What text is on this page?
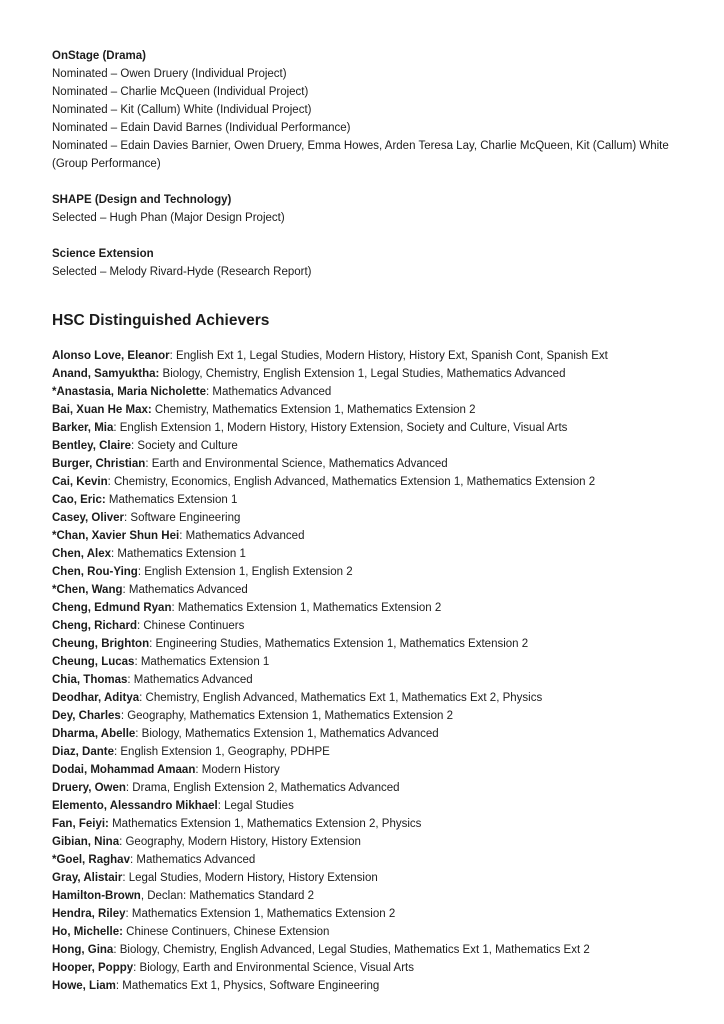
OnStage (Drama)
Nominated – Owen Druery (Individual Project)
Nominated – Charlie McQueen (Individual Project)
Nominated – Kit (Callum) White (Individual Project)
Nominated – Edain David Barnes (Individual Performance)
Nominated – Edain Davies Barnier, Owen Druery, Emma Howes, Arden Teresa Lay, Charlie McQueen, Kit (Callum) White (Group Performance)
SHAPE (Design and Technology)
Selected – Hugh Phan (Major Design Project)
Science Extension
Selected – Melody Rivard-Hyde (Research Report)
HSC Distinguished Achievers
Alonso Love, Eleanor: English Ext 1, Legal Studies, Modern History, History Ext, Spanish Cont, Spanish Ext
Anand, Samyuktha: Biology, Chemistry, English Extension 1, Legal Studies, Mathematics Advanced
*Anastasia, Maria Nicholette: Mathematics Advanced
Bai, Xuan He Max: Chemistry, Mathematics Extension 1, Mathematics Extension 2
Barker, Mia: English Extension 1, Modern History, History Extension, Society and Culture, Visual Arts
Bentley, Claire: Society and Culture
Burger, Christian: Earth and Environmental Science, Mathematics Advanced
Cai, Kevin: Chemistry, Economics, English Advanced, Mathematics Extension 1, Mathematics Extension 2
Cao, Eric: Mathematics Extension 1
Casey, Oliver: Software Engineering
*Chan, Xavier Shun Hei: Mathematics Advanced
Chen, Alex: Mathematics Extension 1
Chen, Rou-Ying: English Extension 1, English Extension 2
*Chen, Wang: Mathematics Advanced
Cheng, Edmund Ryan: Mathematics Extension 1, Mathematics Extension 2
Cheng, Richard: Chinese Continuers
Cheung, Brighton: Engineering Studies, Mathematics Extension 1, Mathematics Extension 2
Cheung, Lucas: Mathematics Extension 1
Chia, Thomas: Mathematics Advanced
Deodhar, Aditya: Chemistry, English Advanced, Mathematics Ext 1, Mathematics Ext 2, Physics
Dey, Charles: Geography, Mathematics Extension 1, Mathematics Extension 2
Dharma, Abelle: Biology, Mathematics Extension 1, Mathematics Advanced
Diaz, Dante: English Extension 1, Geography, PDHPE
Dodai, Mohammad Amaan: Modern History
Druery, Owen: Drama, English Extension 2, Mathematics Advanced
Elemento, Alessandro Mikhael: Legal Studies
Fan, Feiyi: Mathematics Extension 1, Mathematics Extension 2, Physics
Gibian, Nina: Geography, Modern History, History Extension
*Goel, Raghav: Mathematics Advanced
Gray, Alistair: Legal Studies, Modern History, History Extension
Hamilton-Brown, Declan: Mathematics Standard 2
Hendra, Riley: Mathematics Extension 1, Mathematics Extension 2
Ho, Michelle: Chinese Continuers, Chinese Extension
Hong, Gina: Biology, Chemistry, English Advanced, Legal Studies, Mathematics Ext 1, Mathematics Ext 2
Hooper, Poppy: Biology, Earth and Environmental Science, Visual Arts
Howe, Liam: Mathematics Ext 1, Physics, Software Engineering
